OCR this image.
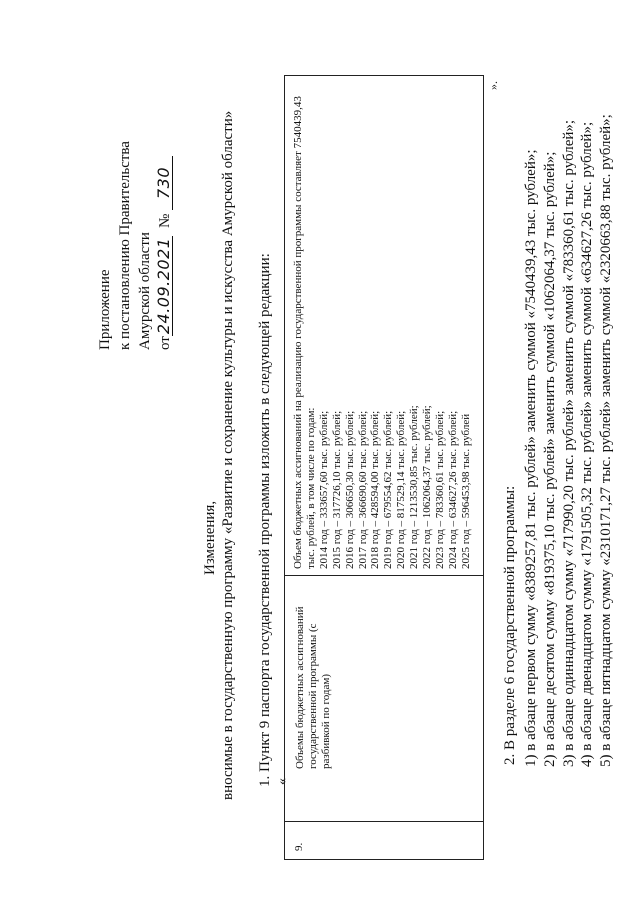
Приложение к постановлению Правительства Амурской области от24.09.2021  № 730
Изменения, вносимые в государственную программу «Развитие и сохранение культуры и искусства Амурской области» 1. Пункт 9 паспорта государственной программы изложить в следующей редакции: «
9.
Объемы бюджетных ассигнований государственной программы (с разбивкой по годам)
Объем бюджетных ассигнований на реализацию государственной программы составляет 7540439,43 тыс. рублей, в том числе по годам: 2014 год – 333657,60 тыс. рублей; 2015 год – 317726,10 тыс. рублей; 2016 год – 306650,30 тыс. рублей; 2017 год – 366690,60 тыс. рублей; 2018 год – 428594,00 тыс. рублей; 2019 год – 679554,62 тыс. рублей; 2020 год – 817529,14 тыс. рублей; 2021 год – 1213530,85 тыс. рублей; 2022 год – 1062064,37 тыс. рублей; 2023 год – 783360,61 тыс. рублей; 2024 год – 634627,26 тыс. рублей; 2025 год – 596453,98 тыс. рублей
».
2. В разделе 6 государственной программы: 1) в абзаце первом сумму «8389257,81 тыс. рублей» заменить суммой «7540439,43 тыс. рублей»; 2) в абзаце десятом сумму «819375,10 тыс. рублей» заменить суммой «1062064,37 тыс. рублей»; 3) в абзаце одиннадцатом сумму «717990,20 тыс. рублей» заменить суммой «783360,61 тыс. рублей»; 4) в абзаце двенадцатом сумму «1791505,32 тыс. рублей» заменить суммой «634627,26 тыс. рублей»; 5) в абзаце пятнадцатом сумму «2310171,27 тыс. рублей» заменить суммой «2320663,88 тыс. рублей»;
